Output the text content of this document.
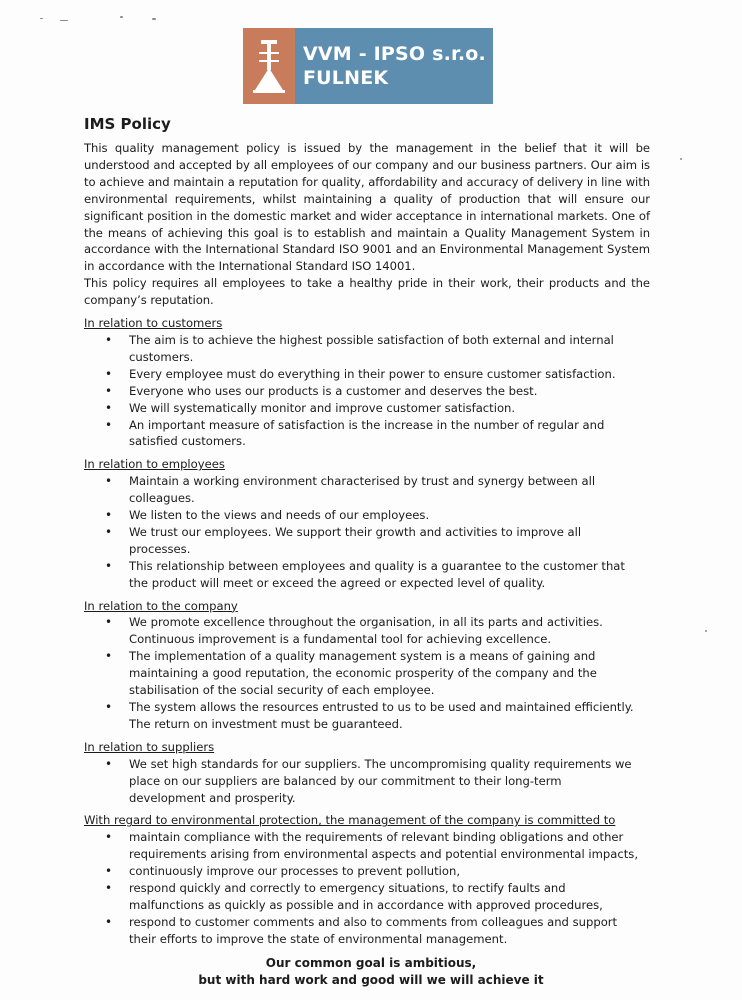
VVM - IPSO s.r.o.
FULNEK
IMS Policy

This quality management policy is issued by the management in the belief that it will be understood and accepted by all employees of our company and our business partners. Our aim is to achieve and maintain a reputation for quality, affordability and accuracy of delivery in line with environmental requirements, whilst maintaining a quality of production that will ensure our significant position in the domestic market and wider acceptance in international markets. One of the means of achieving this goal is to establish and maintain a Quality Management System in accordance with the International Standard ISO 9001 and an Environmental Management System in accordance with the International Standard ISO 14001.

This policy requires all employees to take a healthy pride in their work, their products and the company’s reputation.

In relation to customers
• The aim is to achieve the highest possible satisfaction of both external and internal customers.
• Every employee must do everything in their power to ensure customer satisfaction.
• Everyone who uses our products is a customer and deserves the best.
• We will systematically monitor and improve customer satisfaction.
• An important measure of satisfaction is the increase in the number of regular and satisfied customers.
In relation to employees
• Maintain a working environment characterised by trust and synergy between all colleagues.
• We listen to the views and needs of our employees.
• We trust our employees. We support their growth and activities to improve all processes.
• This relationship between employees and quality is a guarantee to the customer that the product will meet or exceed the agreed or expected level of quality.
In relation to the company
• We promote excellence throughout the organisation, in all its parts and activities. Continuous improvement is a fundamental tool for achieving excellence.
• The implementation of a quality management system is a means of gaining and maintaining a good reputation, the economic prosperity of the company and the stabilisation of the social security of each employee.
• The system allows the resources entrusted to us to be used and maintained efficiently. The return on investment must be guaranteed.
In relation to suppliers
• We set high standards for our suppliers. The uncompromising quality requirements we place on our suppliers are balanced by our commitment to their long-term development and prosperity.
With regard to environmental protection, the management of the company is committed to
• maintain compliance with the requirements of relevant binding obligations and other requirements arising from environmental aspects and potential environmental impacts,
• continuously improve our processes to prevent pollution,
• respond quickly and correctly to emergency situations, to rectify faults and malfunctions as quickly as possible and in accordance with approved procedures,
• respond to customer comments and also to comments from colleagues and support their efforts to improve the state of environmental management.
Our common goal is ambitious,
but with hard work and good will we will achieve it
